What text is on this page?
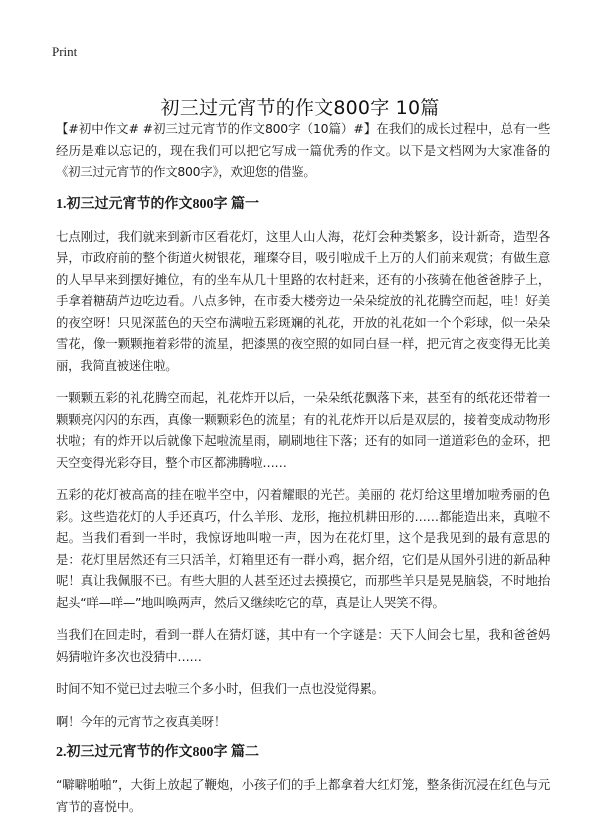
Print
初三过元宵节的作文800字 10篇

【#初中作文# #初三过元宵节的作文800字（10篇）#】在我们的成长过程中，总有一些经历是难以忘记的，现在我们可以把它写成一篇优秀的作文。以下是文档网为大家准备的《初三过元宵节的作文800字》，欢迎您的借鉴。

1.初三过元宵节的作文800字 篇一

七点刚过，我们就来到新市区看花灯，这里人山人海，花灯会种类繁多，设计新奇，造型各异，市政府前的整个街道火树银花，璀璨夺目，吸引啦成千上万的人们前来观赏；有做生意的人早早来到摆好摊位，有的坐车从几十里路的农村赶来，还有的小孩骑在他爸爸脖子上，手拿着糖葫芦边吃边看。八点多钟，在市委大楼旁边一朵朵绽放的礼花腾空而起，哇！好美的夜空呀！只见深蓝色的天空布满啦五彩斑斓的礼花，开放的礼花如一个个彩球，似一朵朵雪花，像一颗颗拖着彩带的流星，把漆黑的夜空照的如同白昼一样，把元宵之夜变得无比美丽，我简直被迷住啦。

一颗颗五彩的礼花腾空而起，礼花炸开以后，一朵朵纸花飘落下来，甚至有的纸花还带着一颗颗亮闪闪的东西，真像一颗颗彩色的流星；有的礼花炸开以后是双层的，接着变成动物形状啦；有的炸开以后就像下起啦流星雨，刷刷地往下落；还有的如同一道道彩色的金环，把天空变得光彩夺目，整个市区都沸腾啦……

五彩的花灯被高高的挂在啦半空中，闪着耀眼的光芒。美丽的 花灯给这里增加啦秀丽的色彩。这些造花灯的人手还真巧，什么羊形、龙形，拖拉机耕田形的……都能造出来，真啦不起。当我们看到一半时，我惊讶地叫啦一声，因为在花灯里，这个是我见到的最有意思的是：花灯里居然还有三只活羊，灯箱里还有一群小鸡，据介绍，它们是从国外引进的新品种呢！真让我佩服不已。有些大胆的人甚至还过去摸摸它，而那些羊只是晃晃脑袋，不时地抬起头“咩—咩—”地叫唤两声，然后又继续吃它的草，真是让人哭笑不得。

当我们在回走时，看到一群人在猜灯谜，其中有一个字谜是：天下人间会七星，我和爸爸妈妈猜啦许多次也没猜中……

时间不知不觉已过去啦三个多小时，但我们一点也没觉得累。

啊！今年的元宵节之夜真美呀！

2.初三过元宵节的作文800字 篇二

“噼噼啪啪”，大街上放起了鞭炮，小孩子们的手上都拿着大红灯笼，整条街沉浸在红色与元宵节的喜悦中。
